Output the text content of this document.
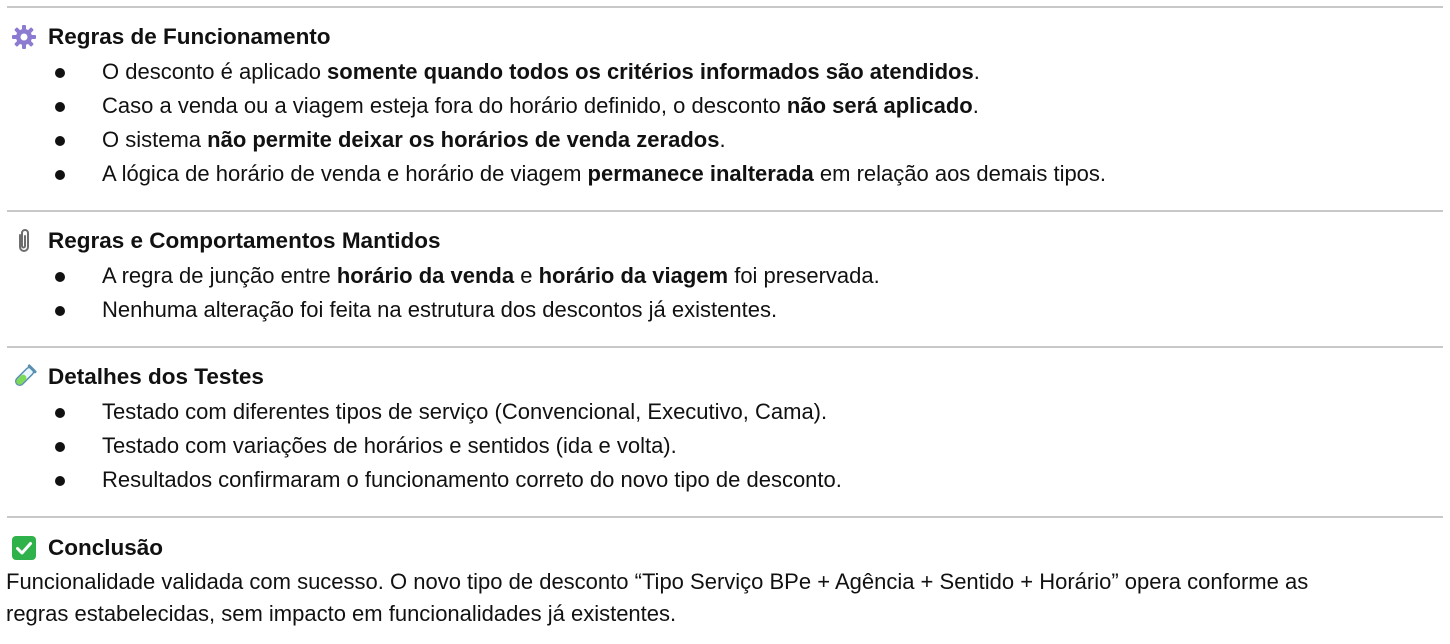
Regras de Funcionamento
O desconto é aplicado somente quando todos os critérios informados são atendidos.
Caso a venda ou a viagem esteja fora do horário definido, o desconto não será aplicado.
O sistema não permite deixar os horários de venda zerados.
A lógica de horário de venda e horário de viagem permanece inalterada em relação aos demais tipos.
Regras e Comportamentos Mantidos
A regra de junção entre horário da venda e horário da viagem foi preservada.
Nenhuma alteração foi feita na estrutura dos descontos já existentes.
Detalhes dos Testes
Testado com diferentes tipos de serviço (Convencional, Executivo, Cama).
Testado com variações de horários e sentidos (ida e volta).
Resultados confirmaram o funcionamento correto do novo tipo de desconto.
Conclusão
Funcionalidade validada com sucesso. O novo tipo de desconto “Tipo Serviço BPe + Agência + Sentido + Horário” opera conforme as
regras estabelecidas, sem impacto em funcionalidades já existentes.
